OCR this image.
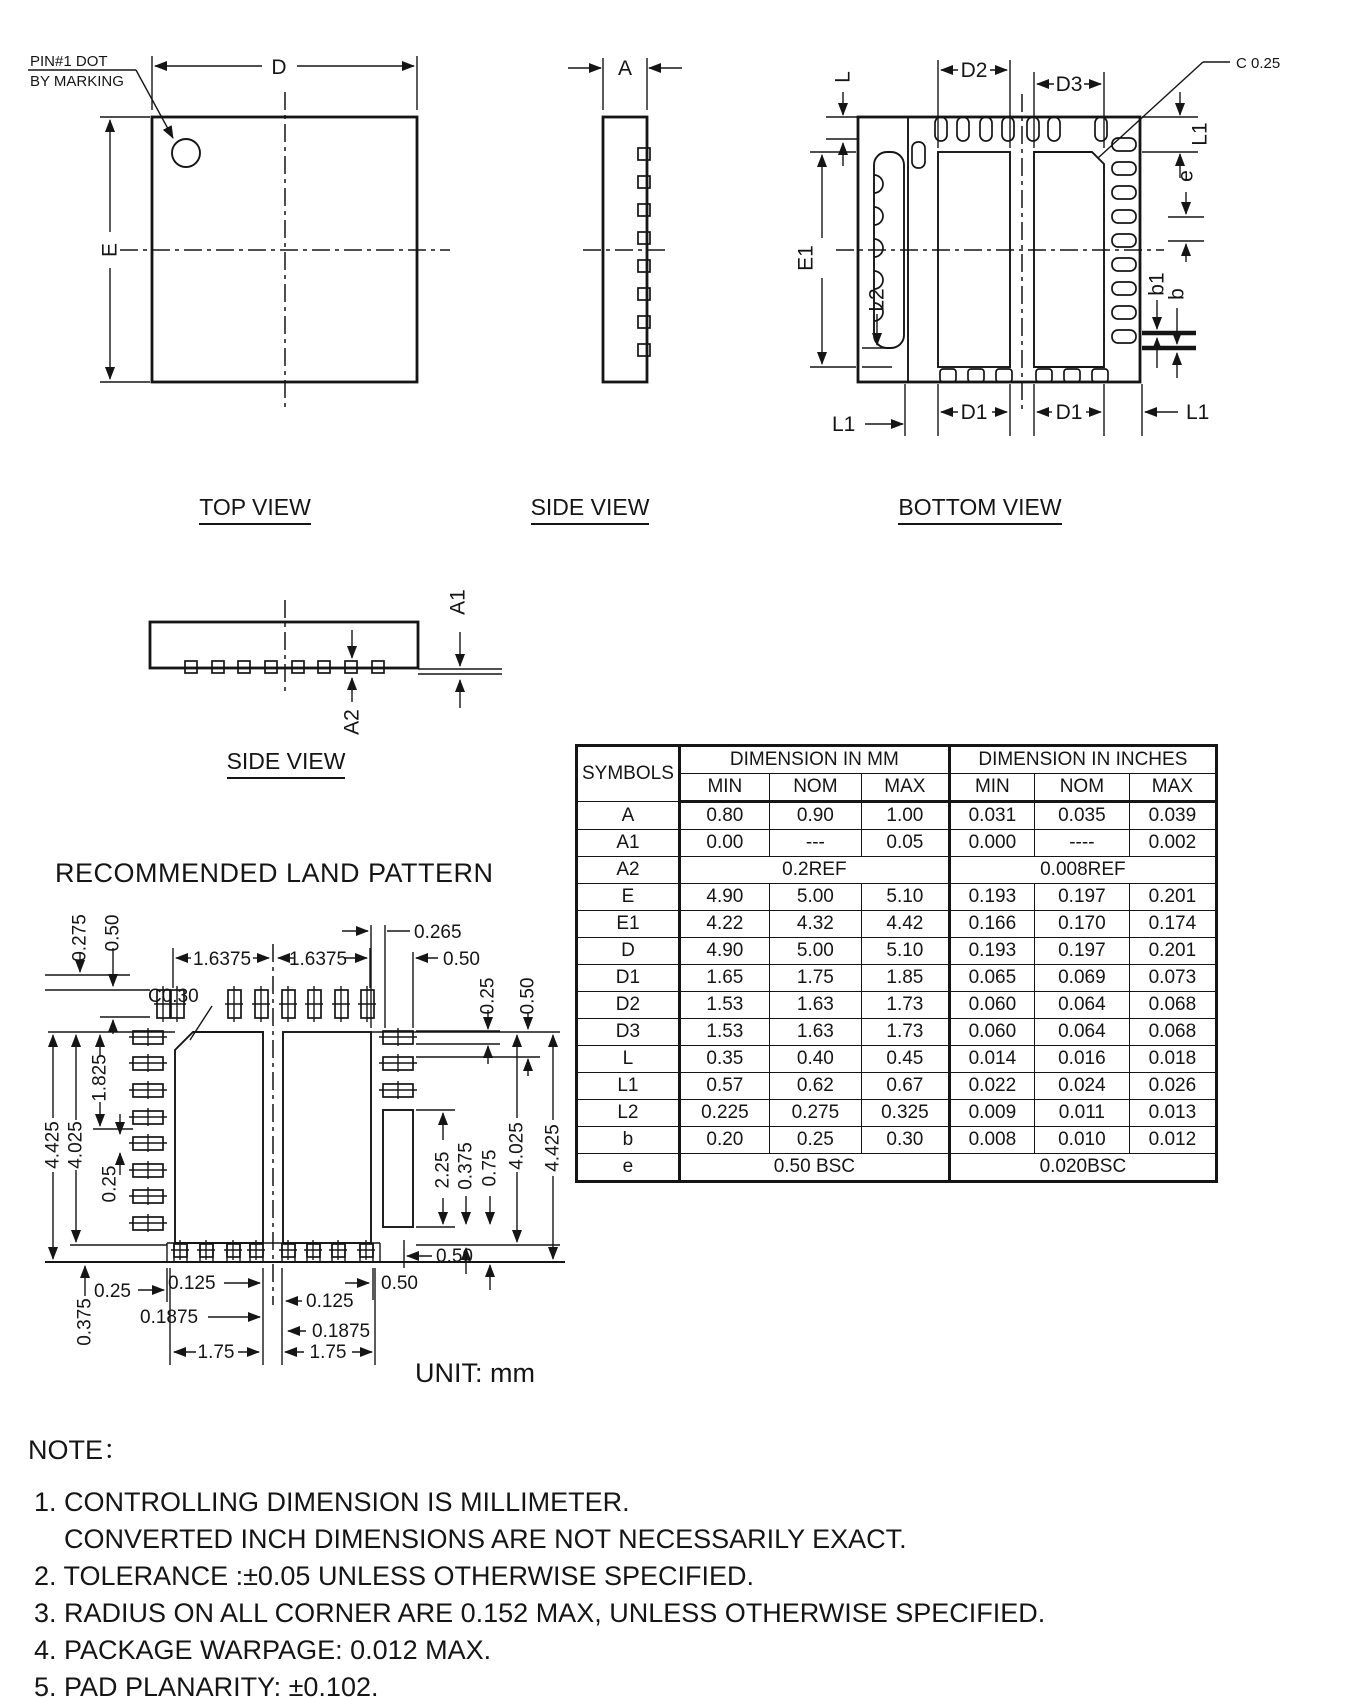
D
E
PIN#1 DOT
BY MARKING
A	L	D2
D3
C 0.25
L1
e
b1
b
E1
L2
L1
D1	D1	L1
A2
A1
1.6375 1.6375
0.275 0.50
C0.30
0.265
0.50
0.25 0.50
1.825
0.25
4.025
4.425
2.25 0.375 0.75 4.025 4.425
0.50
0.25
0.375
0.125
0.1875
1.75
0.50
0.125
0.1875
1.75
TOP VIEW	SIDE VIEW	BOTTOM VIEW
SIDE VIEW
RECOMMENDED LAND PATTERN
UNIT: mm
SYMBOLS	DIMENSION IN MM			DIMENSION IN INCHES		
	MIN	NOM	MAX	MIN	NOM	MAX
A	0.80	0.90	1.00	0.031	0.035	0.039
A1	0.00	---	0.05	0.000	----	0.002
A2	0.2REF			0.008REF		
E	4.90	5.00	5.10	0.193	0.197	0.201
E1	4.22	4.32	4.42	0.166	0.170	0.174
D	4.90	5.00	5.10	0.193	0.197	0.201
D1	1.65	1.75	1.85	0.065	0.069	0.073
D2	1.53	1.63	1.73	0.060	0.064	0.068
D3	1.53	1.63	1.73	0.060	0.064	0.068
L	0.35	0.40	0.45	0.014	0.016	0.018
L1	0.57	0.62	0.67	0.022	0.024	0.026
L2	0.225	0.275	0.325	0.009	0.011	0.013
b	0.20	0.25	0.30	0.008	0.010	0.012
e	0.50 BSC			0.020BSC		
NOTE：
1. CONTROLLING DIMENSION IS MILLIMETER.
CONVERTED INCH DIMENSIONS ARE NOT NECESSARILY EXACT.
2. TOLERANCE :±0.05 UNLESS OTHERWISE SPECIFIED.
3. RADIUS ON ALL CORNER ARE 0.152 MAX, UNLESS OTHERWISE SPECIFIED.
4. PACKAGE WARPAGE: 0.012 MAX.
5. PAD PLANARITY: ±0.102.
